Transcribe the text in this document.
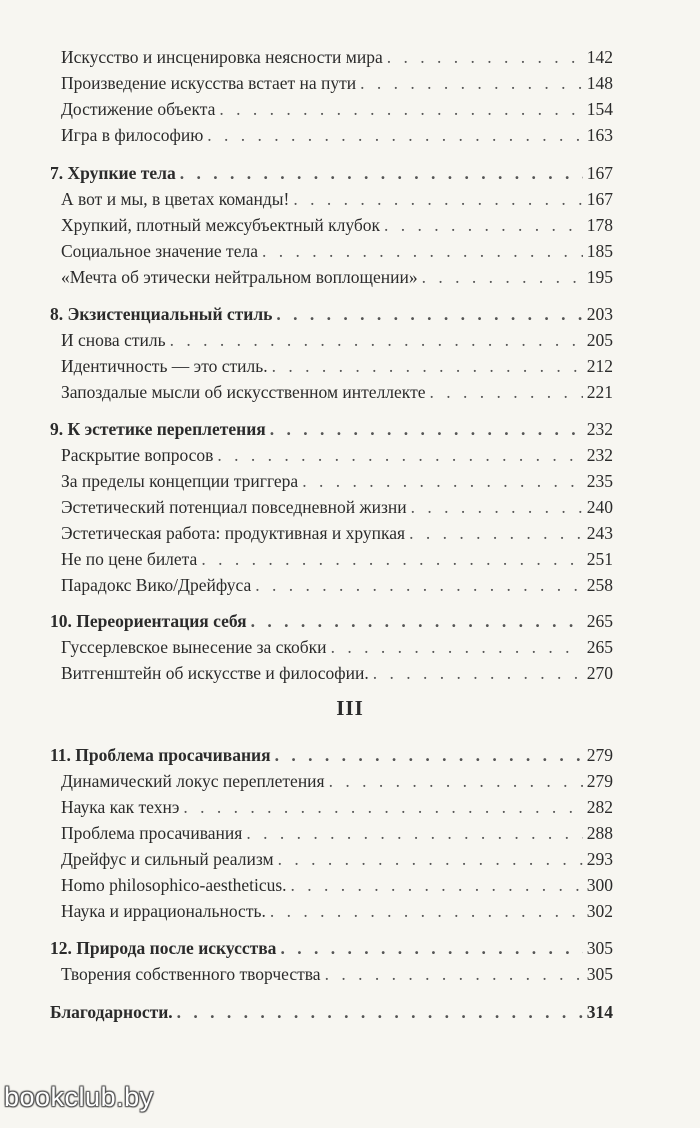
Искусство и инсценировка неясности мира . . .	142
Произведение искусства встает на пути . . .	148
Достижение объекта . . .	154
Игра в философию . . .	163
7. Хрупкие тела . . .	167
А вот и мы, в цветах команды! . . .	167
Хрупкий, плотный межсубъектный клубок . . .	178
Социальное значение тела . . .	185
«Мечта об этически нейтральном воплощении» . . .	195
8. Экзистенциальный стиль . . .	203
И снова стиль . . .	205
Идентичность — это стиль. . . .	212
Запоздалые мысли об искусственном интеллекте . . .	221
9. К эстетике переплетения . . .	232
Раскрытие вопросов . . .	232
За пределы концепции триггера . . .	235
Эстетический потенциал повседневной жизни . . .	240
Эстетическая работа: продуктивная и хрупкая . . .	243
Не по цене билета . . .	251
Парадокс Вико/Дрейфуса . . .	258
10. Переориентация себя . . .	265
Гуссерлевское вынесение за скобки . . .	265
Витгенштейн об искусстве и философии. . . .	270
III
11. Проблема просачивания . . .	279
Динамический локус переплетения . . .	279
Наука как технэ . . .	282
Проблема просачивания . . .	288
Дрейфус и сильный реализм . . .	293
Homo philosophico-aestheticus. . . .	300
Наука и иррациональность. . . .	302
12. Природа после искусства . . .	305
Творения собственного творчества . . .	305
Благодарности. . . .	314
bookclub.by
